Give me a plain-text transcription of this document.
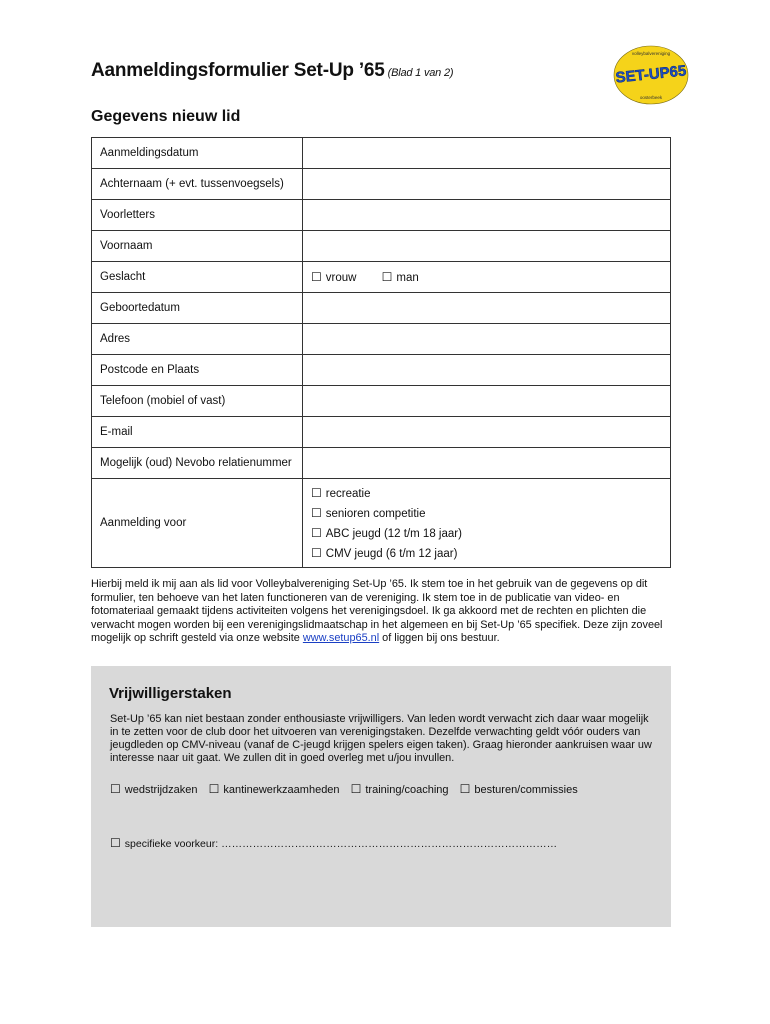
Aanmeldingsformulier Set-Up ’65 (Blad 1 van 2)	SET-UP65
volleybalvereniging
oosterbeek
Gegevens nieuw lid
Aanmeldingsdatum	
Achternaam (+ evt. tussenvoegsels)	
Voorletters	
Voornaam	
Geslacht	☐ vrouw ☐ man
Geboortedatum	
Adres	
Postcode en Plaats	
Telefoon (mobiel of vast)	
E-mail	
Mogelijk (oud) Nevobo relatienummer	
Aanmelding voor	☐ recreatie
☐ senioren competitie
☐ ABC jeugd (12 t/m 18 jaar)
☐ CMV jeugd (6 t/m 12 jaar)
Hierbij meld ik mij aan als lid voor Volleybalvereniging Set-Up ’65. Ik stem toe in het gebruik van de gegevens op dit formulier, ten behoeve van het laten functioneren van de vereniging. Ik stem toe in de publicatie van video- en fotomateriaal gemaakt tijdens activiteiten volgens het verenigingsdoel. Ik ga akkoord met de rechten en plichten die verwacht mogen worden bij een verenigingslidmaatschap in het algemeen en bij Set-Up ’65 specifiek. Deze zijn zoveel mogelijk op schrift gesteld via onze website www.setup65.nl of liggen bij ons bestuur.
Vrijwilligerstaken
Set-Up ’65 kan niet bestaan zonder enthousiaste vrijwilligers. Van leden wordt verwacht zich daar waar mogelijk in te zetten voor de club door het uitvoeren van verenigingstaken. Dezelfde verwachting geldt vóór ouders van jeugdleden op CMV-niveau (vanaf de C-jeugd krijgen spelers eigen taken). Graag hieronder aankruisen waar uw interesse naar uit gaat. We zullen dit in goed overleg met u/jou invullen.
☐ wedstrijdzaken ☐ kantinewerkzaamheden ☐ training/coaching ☐ besturen/commissies
☐ specifieke voorkeur: ……………………………………………………………………………………
